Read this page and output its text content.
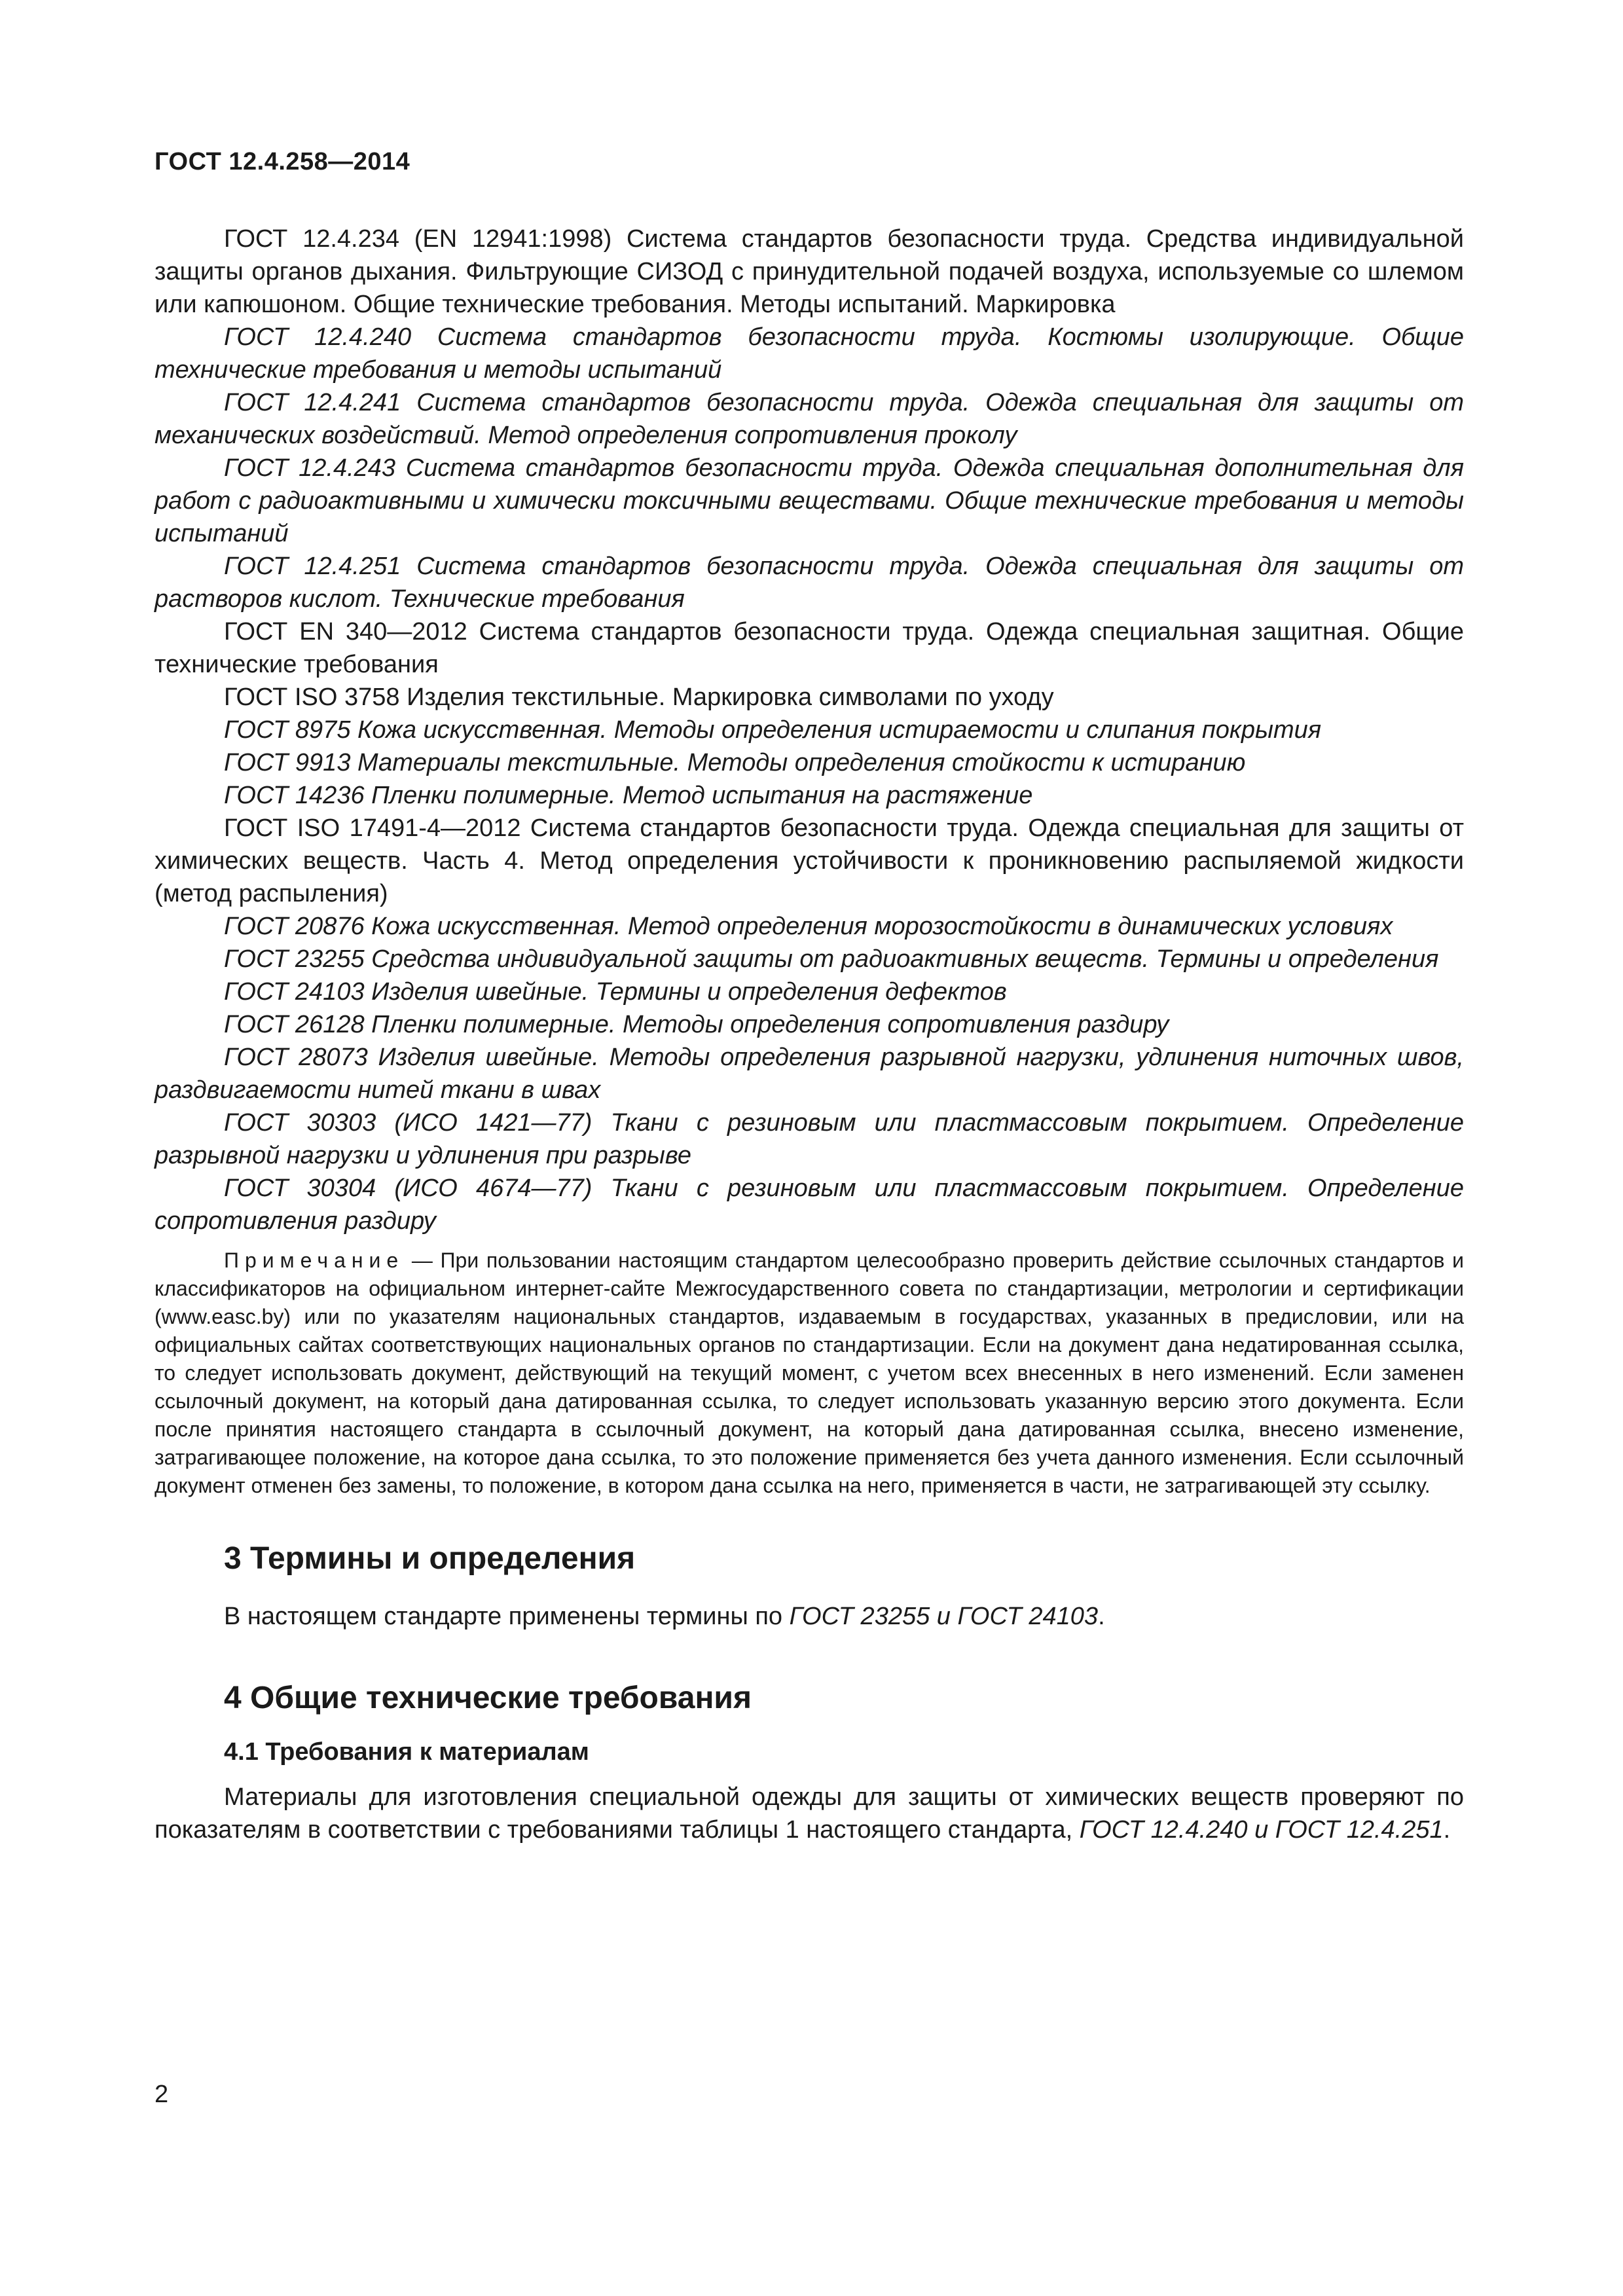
ГОСТ 12.4.258—2014

ГОСТ 12.4.234 (EN 12941:1998) Система стандартов безопасности труда. Средства индивидуальной защиты органов дыхания. Фильтрующие СИЗОД с принудительной подачей воздуха, используемые со шлемом или капюшоном. Общие технические требования. Методы испытаний. Маркировка

ГОСТ 12.4.240 Система стандартов безопасности труда. Костюмы изолирующие. Общие технические требования и методы испытаний

ГОСТ 12.4.241 Система стандартов безопасности труда. Одежда специальная для защиты от механических воздействий. Метод определения сопротивления проколу

ГОСТ 12.4.243 Система стандартов безопасности труда. Одежда специальная дополнительная для работ с радиоактивными и химически токсичными веществами. Общие технические требования и методы испытаний

ГОСТ 12.4.251 Система стандартов безопасности труда. Одежда специальная для защиты от растворов кислот. Технические требования

ГОСТ EN 340—2012 Система стандартов безопасности труда. Одежда специальная защитная. Общие технические требования

ГОСТ ISO 3758 Изделия текстильные. Маркировка символами по уходу

ГОСТ 8975 Кожа искусственная. Методы определения истираемости и слипания покрытия

ГОСТ 9913 Материалы текстильные. Методы определения стойкости к истиранию

ГОСТ 14236 Пленки полимерные. Метод испытания на растяжение

ГОСТ ISO 17491-4—2012 Система стандартов безопасности труда. Одежда специальная для защиты от химических веществ. Часть 4. Метод определения устойчивости к проникновению распыляемой жидкости (метод распыления)

ГОСТ 20876 Кожа искусственная. Метод определения морозостойкости в динамических условиях

ГОСТ 23255 Средства индивидуальной защиты от радиоактивных веществ. Термины и определения

ГОСТ 24103 Изделия швейные. Термины и определения дефектов

ГОСТ 26128 Пленки полимерные. Методы определения сопротивления раздиру

ГОСТ 28073 Изделия швейные. Методы определения разрывной нагрузки, удлинения ниточных швов, раздвигаемости нитей ткани в швах

ГОСТ 30303 (ИСО 1421—77) Ткани с резиновым или пластмассовым покрытием. Определение разрывной нагрузки и удлинения при разрыве

ГОСТ 30304 (ИСО 4674—77) Ткани с резиновым или пластмассовым покрытием. Определение сопротивления раздиру

Примечание — При пользовании настоящим стандартом целесообразно проверить действие ссылочных стандартов и классификаторов на официальном интернет-сайте Межгосударственного совета по стандартизации, метрологии и сертификации (www.easc.by) или по указателям национальных стандартов, издаваемым в государствах, указанных в предисловии, или на официальных сайтах соответствующих национальных органов по стандартизации. Если на документ дана недатированная ссылка, то следует использовать документ, действующий на текущий момент, с учетом всех внесенных в него изменений. Если заменен ссылочный документ, на который дана датированная ссылка, то следует использовать указанную версию этого документа. Если после принятия настоящего стандарта в ссылочный документ, на который дана датированная ссылка, внесено изменение, затрагивающее положение, на которое дана ссылка, то это положение применяется без учета данного изменения. Если ссылочный документ отменен без замены, то положение, в котором дана ссылка на него, применяется в части, не затрагивающей эту ссылку.

3 Термины и определения

В настоящем стандарте применены термины по ГОСТ 23255 и ГОСТ 24103.

4 Общие технические требования
4.1 Требования к материалам

Материалы для изготовления специальной одежды для защиты от химических веществ проверяют по показателям в соответствии с требованиями таблицы 1 настоящего стандарта, ГОСТ 12.4.240 и ГОСТ 12.4.251.

2
